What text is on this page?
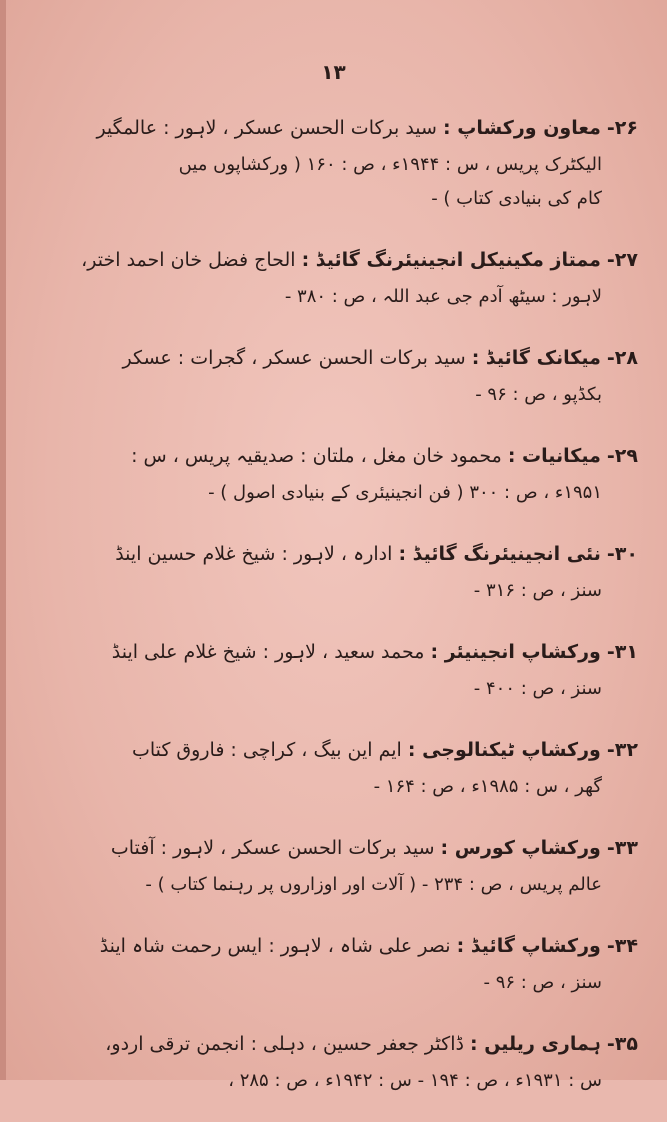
۱۳
۲۶- معاون ورکشاپ : سید برکات الحسن عسکر ، لاہور : عالمگیر
الیکٹرک پریس ، س : ۱۹۴۴ء ، ص : ۱۶۰ ( ورکشاپوں میں
کام کی بنیادی کتاب ) -
۲۷- ممتاز مکینیکل انجینیئرنگ گائیڈ : الحاج فضل خان احمد اختر،
لاہور : سیٹھ آدم جی عبد اللہ ، ص : ۳۸۰ -
۲۸- میکانک گائیڈ : سید برکات الحسن عسکر ، گجرات : عسکر
بکڈپو ، ص : ۹۶ -
۲۹- میکانیات : محمود خان مغل ، ملتان : صدیقیہ پریس ، س :
۱۹۵۱ء ، ص : ۳۰۰ ( فن انجینیئری کے بنیادی اصول ) -
۳۰- نئی انجینیئرنگ گائیڈ : ادارہ ، لاہور : شیخ غلام حسین اینڈ
سنز ، ص : ۳۱۶ -
۳۱- ورکشاپ انجینیئر : محمد سعید ، لاہور : شیخ غلام علی اینڈ
سنز ، ص : ۴۰۰ -
۳۲- ورکشاپ ٹیکنالوجی : ایم این بیگ ، کراچی : فاروق کتاب
گھر ، س : ۱۹۸۵ء ، ص : ۱۶۴ -
۳۳- ورکشاپ کورس : سید برکات الحسن عسکر ، لاہور : آفتاب
عالم پریس ، ص : ۲۳۴ - ( آلات اور اوزاروں پر رہنما کتاب ) -
۳۴- ورکشاپ گائیڈ : نصر علی شاہ ، لاہور : ایس رحمت شاہ اینڈ
سنز ، ص : ۹۶ -
۳۵- ہماری ریلیں : ڈاکٹر جعفر حسین ، دہلی : انجمن ترقی اردو،
س : ۱۹۳۱ء ، ص : ۱۹۴ - س : ۱۹۴۲ء ، ص : ۲۸۵ ،
